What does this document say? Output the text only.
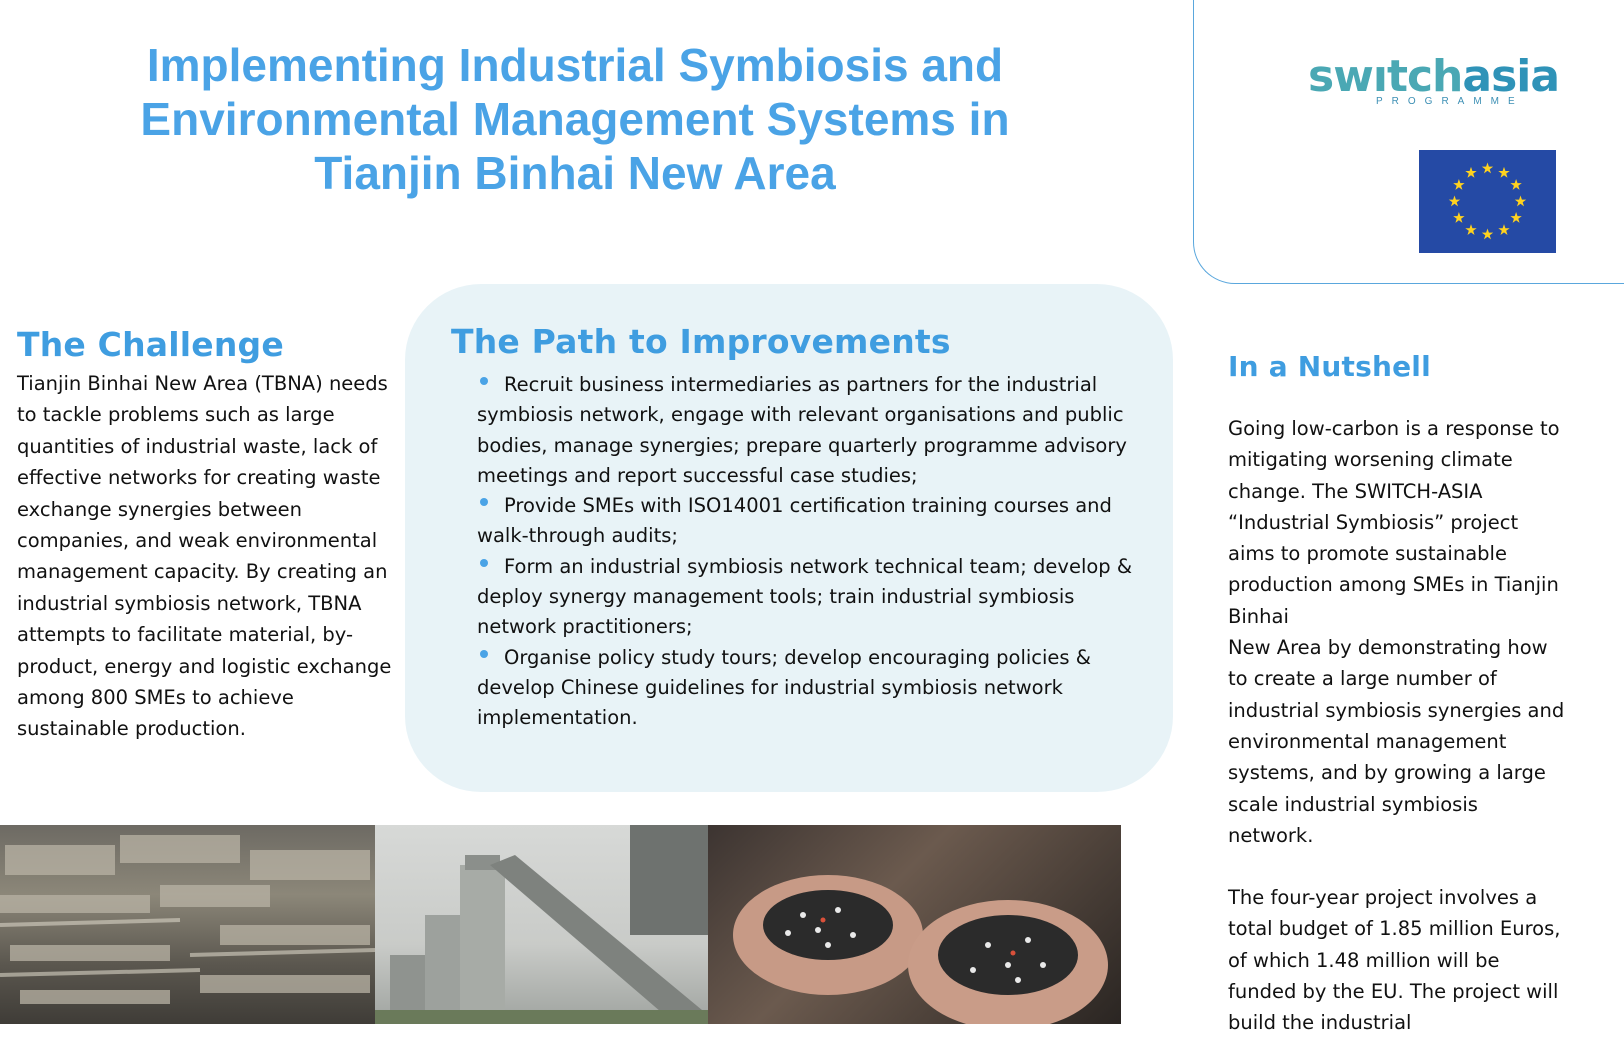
Implementing Industrial Symbiosis and
Environmental Management Systems in
Tianjin Binhai New Area
swıtchasia
PROGRAMME
The Challenge

Tianjin Binhai New Area (TBNA) needs to tackle problems such as large quantities of industrial waste, lack of effective networks for creating waste exchange synergies between companies, and weak environmental management capacity. By creating an industrial symbiosis network, TBNA attempts to facilitate material, by-product, energy and logistic exchange among 800 SMEs to achieve sustainable production.

The Path to Improvements
Recruit business intermediaries as partners for the industrial symbiosis network, engage with relevant organisations and public bodies, manage synergies; prepare quarterly programme advisory meetings and report successful case studies;
Provide SMEs with ISO14001 certification training courses and walk-through audits;
Form an industrial symbiosis network technical team; develop & deploy synergy management tools; train industrial symbiosis network practitioners;
Organise policy study tours; develop encouraging policies & develop Chinese guidelines for industrial symbiosis network implementation.
In a Nutshell

Going low-carbon is a response to mitigating worsening climate change. The SWITCH-ASIA “Industrial Symbiosis” project aims to promote sustainable production among SMEs in Tianjin Binhai
New Area by demonstrating how to create a large number of industrial symbiosis synergies and environmental management systems, and by growing a large scale industrial symbiosis network.

The four-year project involves a total budget of 1.85 million Euros, of which 1.48 million will be funded by the EU. The project will build the industrial
